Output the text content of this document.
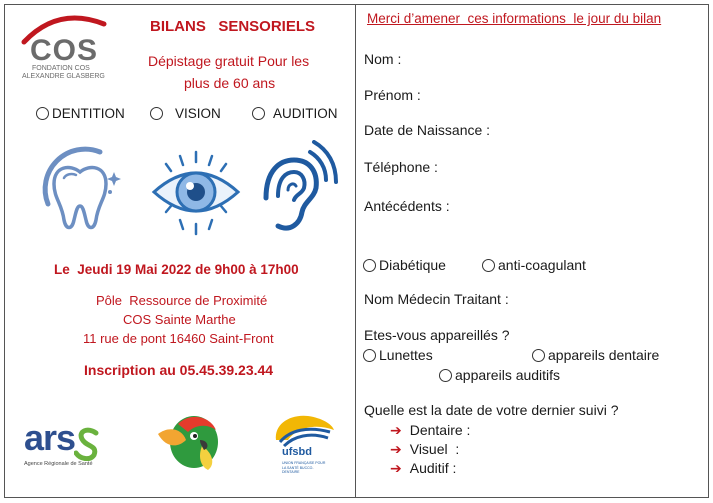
COS
FONDATION COS
ALEXANDRE GLASBERG
BILANS   SENSORIELS
Dépistage gratuit Pour les
plus de 60 ans
DENTITION	VISION	AUDITION
Le  Jeudi 19 Mai 2022 de 9h00 à 17h00
Pôle  Ressource de Proximité
COS Sainte Marthe
11 rue de pont 16460 Saint-Front
Inscription au 05.45.39.23.44
ars
Agence Régionale de Santé
ufsbd
UNION FRANÇAISE POUR LA SANTÉ BUCCO-DENTAIRE
Merci d’amener  ces informations  le jour du bilan
Nom :
Prénom :
Date de Naissance :
Téléphone :
Antécédents :
Diabétique	anti-coagulant
Nom Médecin Traitant :
Etes-vous appareillés ?
Lunettes	appareils dentaire
appareils auditifs
Quelle est la date de votre dernier suivi ?
➔ Dentaire :
➔ Visuel  :
➔ Auditif :
